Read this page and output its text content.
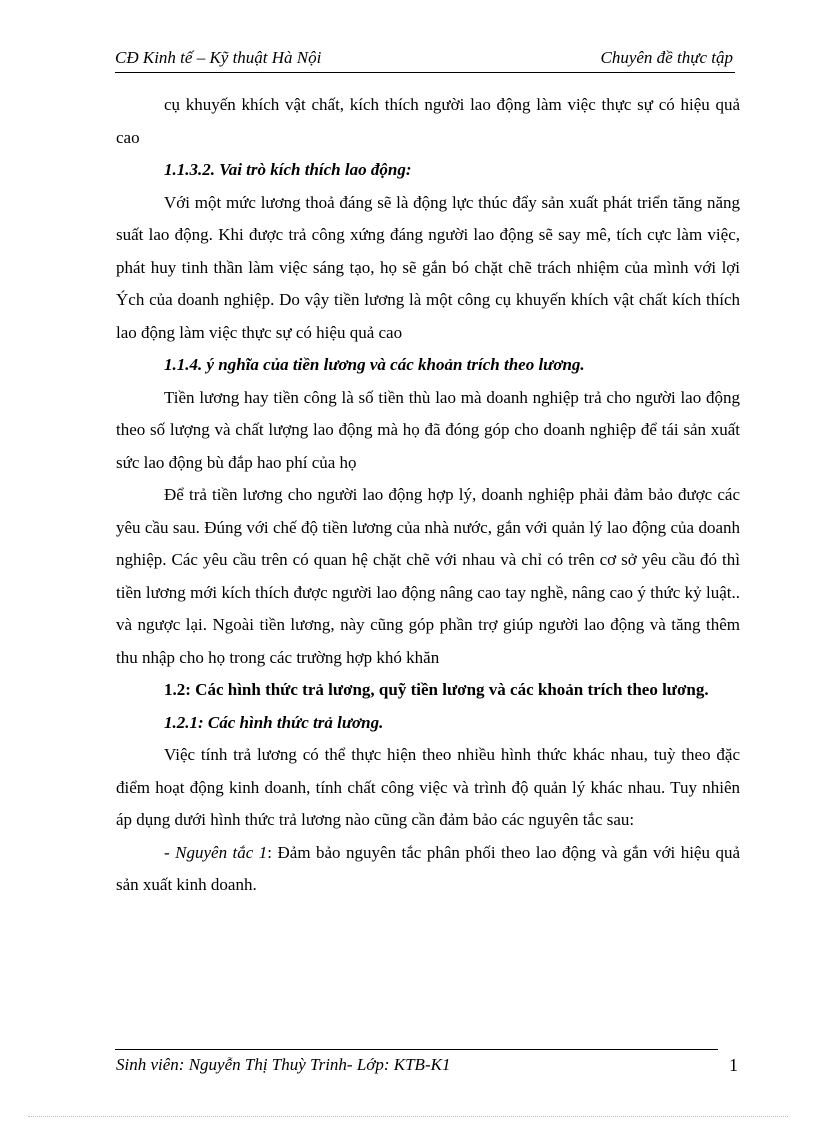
CĐ Kinh tế – Kỹ thuật Hà Nội	Chuyên đề thực tập

cụ khuyến khích vật chất, kích thích người lao động làm việc thực sự có hiệu quả cao

1.1.3.2. Vai trò kích thích lao động:

Với một mức lương thoả đáng sẽ là động lực thúc đẩy sản xuất phát triển tăng năng suất lao động. Khi được trả công xứng đáng người lao động sẽ say mê, tích cực làm việc, phát huy tinh thần làm việc sáng tạo, họ sẽ gắn bó chặt chẽ trách nhiệm của mình với lợi Ých của doanh nghiệp. Do vậy tiền lương là một công cụ khuyến khích vật chất kích thích lao động làm việc thực sự có hiệu quả cao

1.1.4. ý nghĩa của tiền lương và các khoản trích theo lương.

Tiền lương hay tiền công là số tiền thù lao mà doanh nghiệp trả cho người lao động theo số lượng và chất lượng lao động mà họ đã đóng góp cho doanh nghiệp để tái sản xuất sức lao động bù đắp hao phí của họ

Để trả tiền lương cho người lao động hợp lý, doanh nghiệp phải đảm bảo được các yêu cầu sau. Đúng với chế độ tiền lương của nhà nước, gắn với quản lý lao động của doanh nghiệp. Các yêu cầu trên có quan hệ chặt chẽ với nhau và chỉ có trên cơ sở yêu cầu đó thì tiền lương mới kích thích được người lao động nâng cao tay nghề, nâng cao ý thức kỷ luật.. và ngược lại. Ngoài tiền lương, này cũng góp phần trợ giúp người lao động và tăng thêm thu nhập cho họ trong các trường hợp khó khăn

1.2: Các hình thức trả lương, quỹ tiền lương và các khoản trích theo lương.

1.2.1: Các hình thức trả lương.

Việc tính trả lương có thể thực hiện theo nhiều hình thức khác nhau, tuỳ theo đặc điểm hoạt động kinh doanh, tính chất công việc và trình độ quản lý khác nhau. Tuy nhiên áp dụng dưới hình thức trả lương nào cũng cần đảm bảo các nguyên tắc sau:

- Nguyên tắc 1: Đảm bảo nguyên tắc phân phối theo lao động và gắn với hiệu quả sản xuất kinh doanh.

Sinh viên: Nguyễn Thị Thuỳ Trinh- Lớp: KTB-K1	1
